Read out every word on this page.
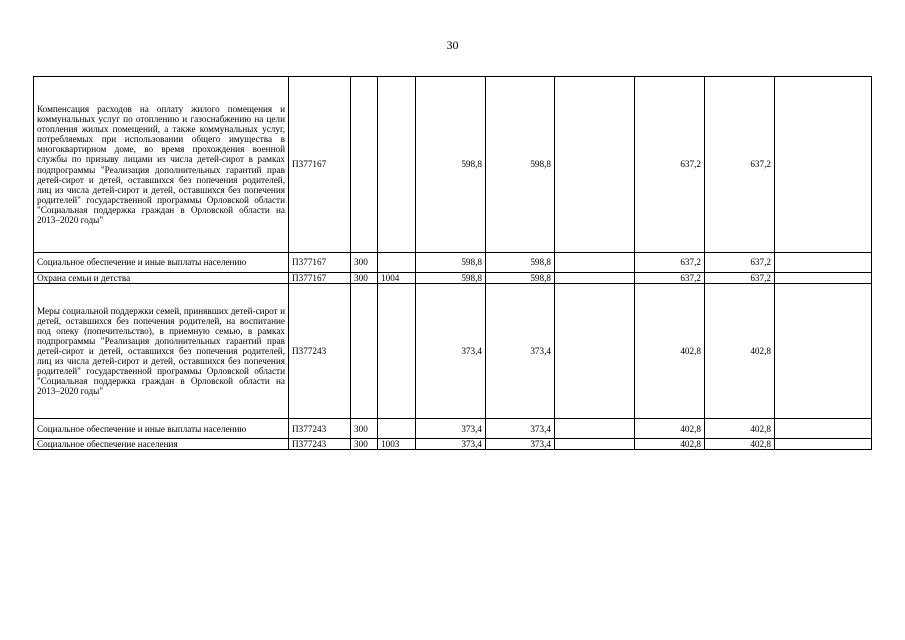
30
Компенсация расходов на оплату жилого помещения и коммунальных услуг по отоплению и газоснабжению на цели отопления жилых помещений, а также коммунальных услуг, потребляемых при использовании общего имущества в многоквартирном доме, во время прохождения военной службы по призыву лицами из числа детей-сирот в рамках подпрограммы "Реализация дополнительных гарантий прав детей-сирот и детей, оставшихся без попечения родителей, лиц из числа детей-сирот и детей, оставшихся без попечения родителей" государственной программы Орловской области "Социальная поддержка граждан в Орловской области на 2013–2020 годы"	П377167			598,8	598,8		637,2	637,2	
Социальное обеспечение и иные выплаты населению	П377167	300		598,8	598,8		637,2	637,2	
Охрана семьи и детства	П377167	300	1004	598,8	598,8		637,2	637,2	
Меры социальной поддержки семей, принявших детей-сирот и детей, оставшихся без попечения родителей, на воспитание под опеку (попечительство), в приемную семью, в рамках подпрограммы "Реализация дополнительных гарантий прав детей-сирот и детей, оставшихся без попечения родителей, лиц из числа детей-сирот и детей, оставшихся без попечения родителей" государственной программы Орловской области "Социальная поддержка граждан в Орловской области на 2013–2020 годы"	П377243			373,4	373,4		402,8	402,8	
Социальное обеспечение и иные выплаты населению	П377243	300		373,4	373,4		402,8	402,8	
Социальное обеспечение населения	П377243	300	1003	373,4	373,4		402,8	402,8	
